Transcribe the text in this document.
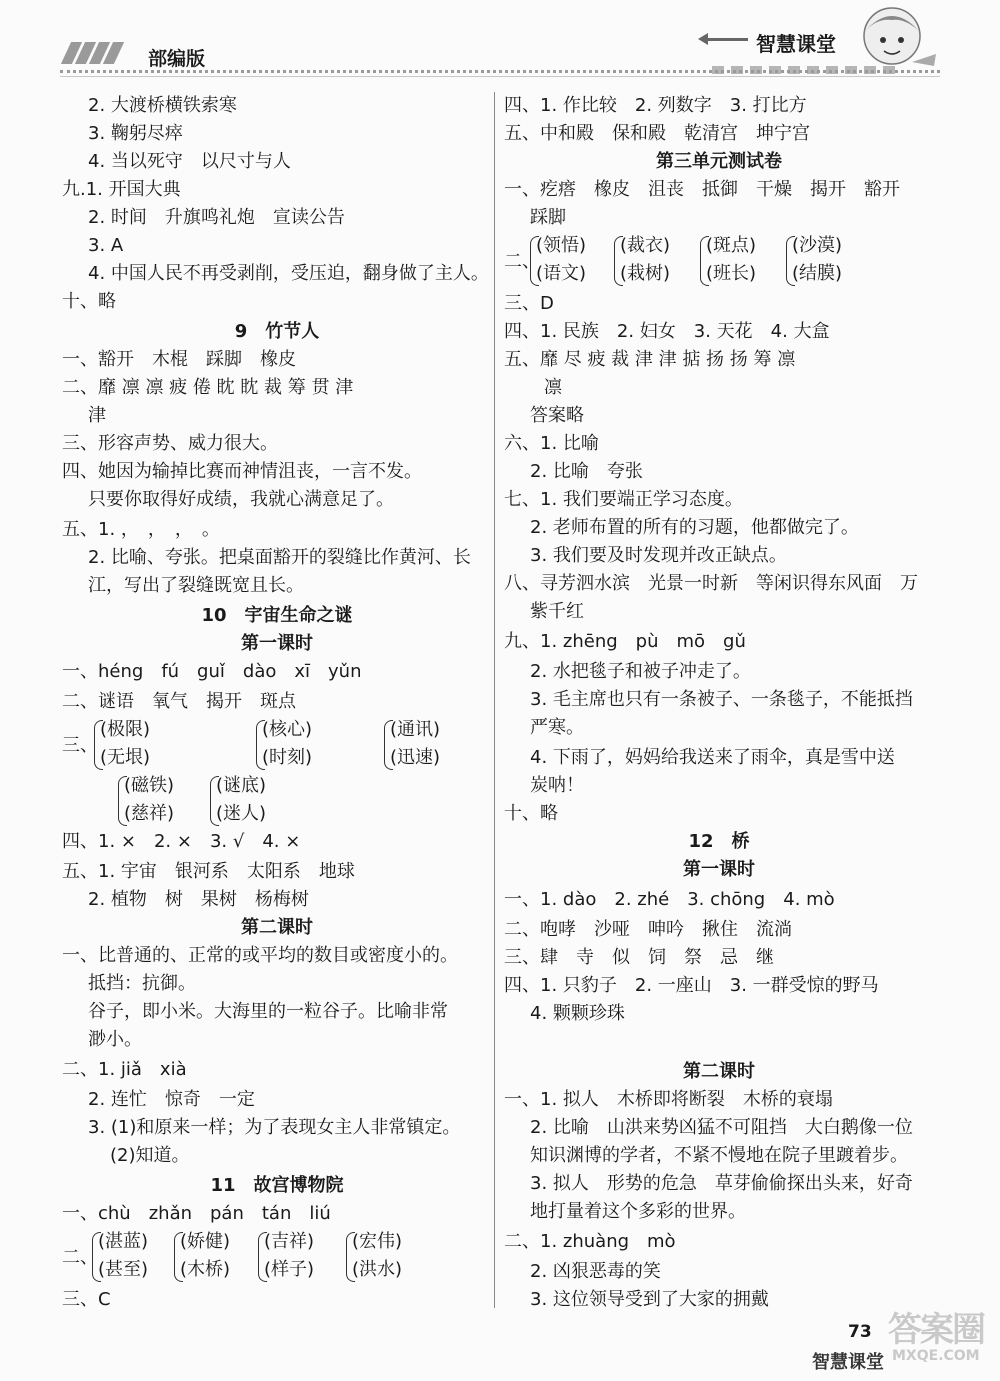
部编版
智慧课堂
2. 大渡桥横铁索寒
3. 鞠躬尽瘁
4. 当以死守　以尺寸与人
九.1. 开国大典
2. 时间　升旗鸣礼炮　宣读公告
3. A
4. 中国人民不再受剥削，受压迫，翻身做了主人。
十、略
9　竹节人
一、豁开　木棍　踩脚　橡皮
二、靡 凛 凛 疲 倦 眈 眈 裁 筹 贯 津
津
三、形容声势、威力很大。
四、她因为输掉比赛而神情沮丧，一言不发。
只要你取得好成绩，我就心满意足了。
五、1. ，　，　，　。
2. 比喻、夸张。把桌面豁开的裂缝比作黄河、长
江，写出了裂缝既宽且长。
10　宇宙生命之谜
第一课时
一、héng　fú　guǐ　dào　xī　yǔn
二、谜语　氧气　揭开　斑点
三、
四、1. ×　2. ×　3. √　4. ×
五、1. 宇宙　银河系　太阳系　地球
2. 植物　树　果树　杨梅树
第二课时
一、比普通的、正常的或平均的数目或密度小的。
抵挡：抗御。
谷子，即小米。大海里的一粒谷子。比喻非常
渺小。
二、1. jiǎ　xià
2. 连忙　惊奇　一定
3. (1)和原来一样；为了表现女主人非常镇定。
(2)知道。
11　故宫博物院
一、chù　zhǎn　pán　tán　liú
二、
三、C
(极限)
(无垠)
(核心)
(时刻)
(通讯)
(迅速)
(磁铁)
(慈祥)
(谜底)
(迷人)
(湛蓝)
(甚至)
(娇健)
(木桥)
(吉祥)
(样子)
(宏伟)
(洪水)
四、1. 作比较　2. 列数字　3. 打比方
五、中和殿　保和殿　乾清宫　坤宁宫
第三单元测试卷
一、疙瘩　橡皮　沮丧　抵御　干燥　揭开　豁开
踩脚
二、
三、D
四、1. 民族　2. 妇女　3. 天花　4. 大盒
五、靡 尽 疲 裁 津 津 掂 扬 扬 筹 凛
凛
答案略
六、1. 比喻
2. 比喻　夸张
七、1. 我们要端正学习态度。
2. 老师布置的所有的习题，他都做完了。
3. 我们要及时发现并改正缺点。
八、寻芳泗水滨　光景一时新　等闲识得东风面　万
紫千红
九、1. zhēng　pù　mō　gǔ
2. 水把毯子和被子冲走了。
3. 毛主席也只有一条被子、一条毯子，不能抵挡
严寒。
4. 下雨了，妈妈给我送来了雨伞，真是雪中送
炭呐！
十、略
12　桥
第一课时
一、1. dào　2. zhé　3. chōng　4. mò
二、咆哮　沙哑　呻吟　揪住　流淌
三、肆　寺　似　饲　祭　忌　继
四、1. 只豹子　2. 一座山　3. 一群受惊的野马
4. 颗颗珍珠
第二课时
一、1. 拟人　木桥即将断裂　木桥的衰塌
2. 比喻　山洪来势凶猛不可阻挡　大白鹅像一位
知识渊博的学者，不紧不慢地在院子里踱着步。
3. 拟人　形势的危急　草芽偷偷探出头来，好奇
地打量着这个多彩的世界。
二、1. zhuàng　mò
2. 凶狠恶毒的笑
3. 这位领导受到了大家的拥戴
(领悟)
(语文)
(裁衣)
(栽树)
(斑点)
(班长)
(沙漠)
(结膜)
73
智慧课堂
答案圈
MXQE.COM
